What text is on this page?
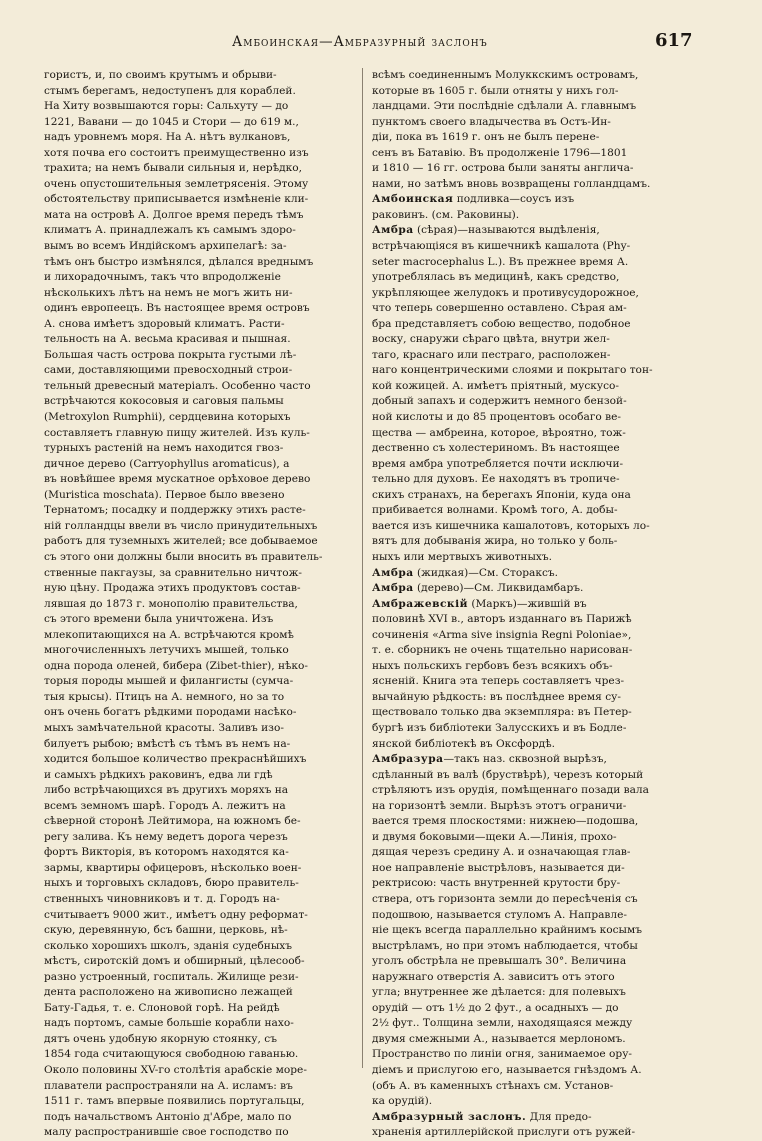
Амбоинская—Амбразурный заслонъ	617
гористъ, и, по своимъ крутымъ и обрыви-
стымъ берегамъ, недоступенъ для кораблей.
На Хиту возвышаются горы: Сальхуту — до
1221, Вавани — до 1045 и Стори — до 619 м.,
надъ уровнемъ моря. На А. нѣтъ вулкановъ,
хотя почва его состоитъ преимущественно изъ
трахита; на немъ бывали сильныя и, нерѣдко,
очень опустошительныя землетрясенія. Этому
обстоятельству приписывается измѣненіе кли-
мата на островѣ А. Долгое время передъ тѣмъ
климатъ А. принадлежалъ къ самымъ здоро-
вымъ во всемъ Индійскомъ архипелагѣ: за-
тѣмъ онъ быстро измѣнялся, дѣлался вреднымъ
и лихорадочнымъ, такъ что впродолженіе
нѣсколькихъ лѣтъ на немъ не могъ жить ни-
одинъ европеецъ. Въ настоящее время островъ
А. снова имѣетъ здоровый климатъ. Расти-
тельность на А. весьма красивая и пышная.
Большая часть острова покрыта густыми лѣ-
сами, доставляющими превосходный строи-
тельный древесный матеріалъ. Особенно часто
встрѣчаются кокосовыя и саговыя пальмы
(Metroxylon Rumphii), сердцевина которыхъ
составляетъ главную пищу жителей. Изъ куль-
турныхъ растеній на немъ находится гвоз-
дичное дерево (Carryophyllus aromaticus), а
въ новѣйшее время мускатное орѣховое дерево
(Muristica moschata). Первое было ввезено
Тернатомъ; посадку и поддержку этихъ расте-
ній голландцы ввели въ число принудительныхъ
работъ для туземныхъ жителей; все добываемое
съ этого они должны были вносить въ правитель-
ственные пакгаузы, за сравнительно ничтож-
ную цѣну. Продажа этихъ продуктовъ состав-
лявшая до 1873 г. монополію правительства,
съ этого времени была уничтожена. Изъ
млекопитающихся на А. встрѣчаются кромѣ
многочисленныхъ летучихъ мышей, только
одна порода оленей, бибера (Zibet-thier), нѣко-
торыя породы мышей и филангисты (сумча-
тыя крысы). Птицъ на А. немного, но за то
онъ очень богатъ рѣдкими породами насѣко-
мыхъ замѣчательной красоты. Заливъ изо-
билуетъ рыбою; вмѣстѣ съ тѣмъ въ немъ на-
ходится большое количество прекраснѣйшихъ
и самыхъ рѣдкихъ раковинъ, едва ли гдѣ
либо встрѣчающихся въ другихъ моряхъ на
всемъ земномъ шарѣ. Городъ А. лежитъ на
сѣверной сторонѣ Лейтимора, на южномъ бе-
регу залива. Къ нему ведетъ дорога черезъ
фортъ Викторія, въ которомъ находятся ка-
зармы, квартиры офицеровъ, нѣсколько воен-
ныхъ и торговыхъ складовъ, бюро правитель-
ственныхъ чиновниковъ и т. д. Городъ на-
считываетъ 9000 жит., имѣетъ одну реформат-
скую, деревянную, бсъ башни, церковь, нѣ-
сколько хорошихъ школъ, зданія судебныхъ
мѣстъ, сиротскій домъ и обширный, цѣлесооб-
разно устроенный, госпиталь. Жилище рези-
дента расположено на живописно лежащей
Бату-Гадья, т. е. Слоновой горѣ. На рейдѣ
надъ портомъ, самые большіе корабли нахо-
дятъ очень удобную якорную стоянку, съ
1854 года считающуюся свободною гаванью.
Около половины XV-го столѣтія арабскіе море-
плаватели распространяли на А. исламъ: въ
1511 г. тамъ впервые появились португальцы,
подъ начальствомъ Антоніо д'Абре, мало по
малу распространившіе свое господство по
всѣмъ соединеннымъ Молуккскимъ островамъ,
которые въ 1605 г. были отняты у нихъ гол-
ландцами. Эти послѣдніе сдѣлали А. главнымъ
пунктомъ своего владычества въ Остъ-Ин-
діи, пока въ 1619 г. онъ не былъ перене-
сенъ въ Батавію. Въ продолженіе 1796—1801
и 1810 — 16 гг. острова были заняты англича-
нами, но затѣмъ вновь возвращены голландцамъ.
Амбоинская подливка—соусъ изъ
раковинъ. (см. Раковины).
Амбра (сѣрая)—называются выдѣленія,
встрѣчающіяся въ кишечникѣ кашалота (Phy-
seter macrocephalus L.). Въ прежнее время А.
употреблялась въ медицинѣ, какъ средство,
укрѣпляющее желудокъ и противусудорожное,
что теперь совершенно оставлено. Сѣрая ам-
бра представляетъ собою вещество, подобное
воску, снаружи сѣраго цвѣта, внутри жел-
таго, краснаго или пестраго, расположен-
наго концентрическими слоями и покрытаго тон-
кой кожицей. А. имѣетъ пріятный, мускусо-
добный запахъ и содержитъ немного бензой-
ной кислоты и до 85 процентовъ особаго ве-
щества — амбреина, которое, вѣроятно, тож-
дественно съ холестериномъ. Въ настоящее
время амбра употребляется почти исключи-
тельно для духовъ. Ее находятъ въ тропиче-
скихъ странахъ, на берегахъ Японіи, куда она
прибивается волнами. Кромѣ того, А. добы-
вается изъ кишечника кашалотовъ, которыхъ ло-
вятъ для добыванія жира, но только у боль-
ныхъ или мертвыхъ животныхъ.
Амбра (жидкая)—См. Стораксъ.
Амбра (дерево)—См. Ликвидамбаръ.
Амбражевскій (Маркъ)—жившій въ
половинѣ XVI в., авторъ изданнаго въ Парижѣ
сочиненія «Arma sive insignia Regni Poloniae»,
т. е. сборникъ не очень тщательно нарисован-
ныхъ польскихъ гербовъ безъ всякихъ объ-
ясненій. Книга эта теперь составляетъ чрез-
вычайную рѣдкость: въ послѣднее время су-
ществовало только два экземпляра: въ Петер-
бургѣ изъ библіотеки Залусскихъ и въ Бодле-
янской библіотекѣ въ Оксфордѣ.
Амбразура—такъ наз. сквозной вырѣзъ,
сдѣланный въ валѣ (бруствѣрѣ), черезъ который
стрѣляютъ изъ орудія, помѣщеннаго позади вала
на горизонтѣ земли. Вырѣзъ этотъ ограничи-
вается тремя плоскостями: нижнею—подошва,
и двумя боковыми—щеки А.—Линія, прохо-
дящая черезъ средину А. и означающая глав-
ное направленіе выстрѣловъ, называется ди-
ректрисою: часть внутренней крутости бру-
ствера, отъ горизонта земли до пересѣченія съ
подошвою, называется стуломъ А. Направле-
ніе щекъ всегда параллельно крайнимъ косымъ
выстрѣламъ, но при этомъ наблюдается, чтобы
уголъ обстрѣла не превышалъ 30°. Величина
наружнаго отверстія А. зависитъ отъ этого
угла; внутреннее же дѣлается: для полевыхъ
орудій — отъ 1½ до 2 фут., а осадныхъ — до
2½ фут.. Толщина земли, находящаяся между
двумя смежными А., называется мерлономъ.
Пространство по линіи огня, занимаемое ору-
діемъ и прислугою его, называется гнѣздомъ А.
(объ А. въ каменныхъ стѣнахъ см. Установ-
ка орудій).
Амбразурный заслонъ. Для предо-
храненія артиллерійской прислуги отъ ружей-
